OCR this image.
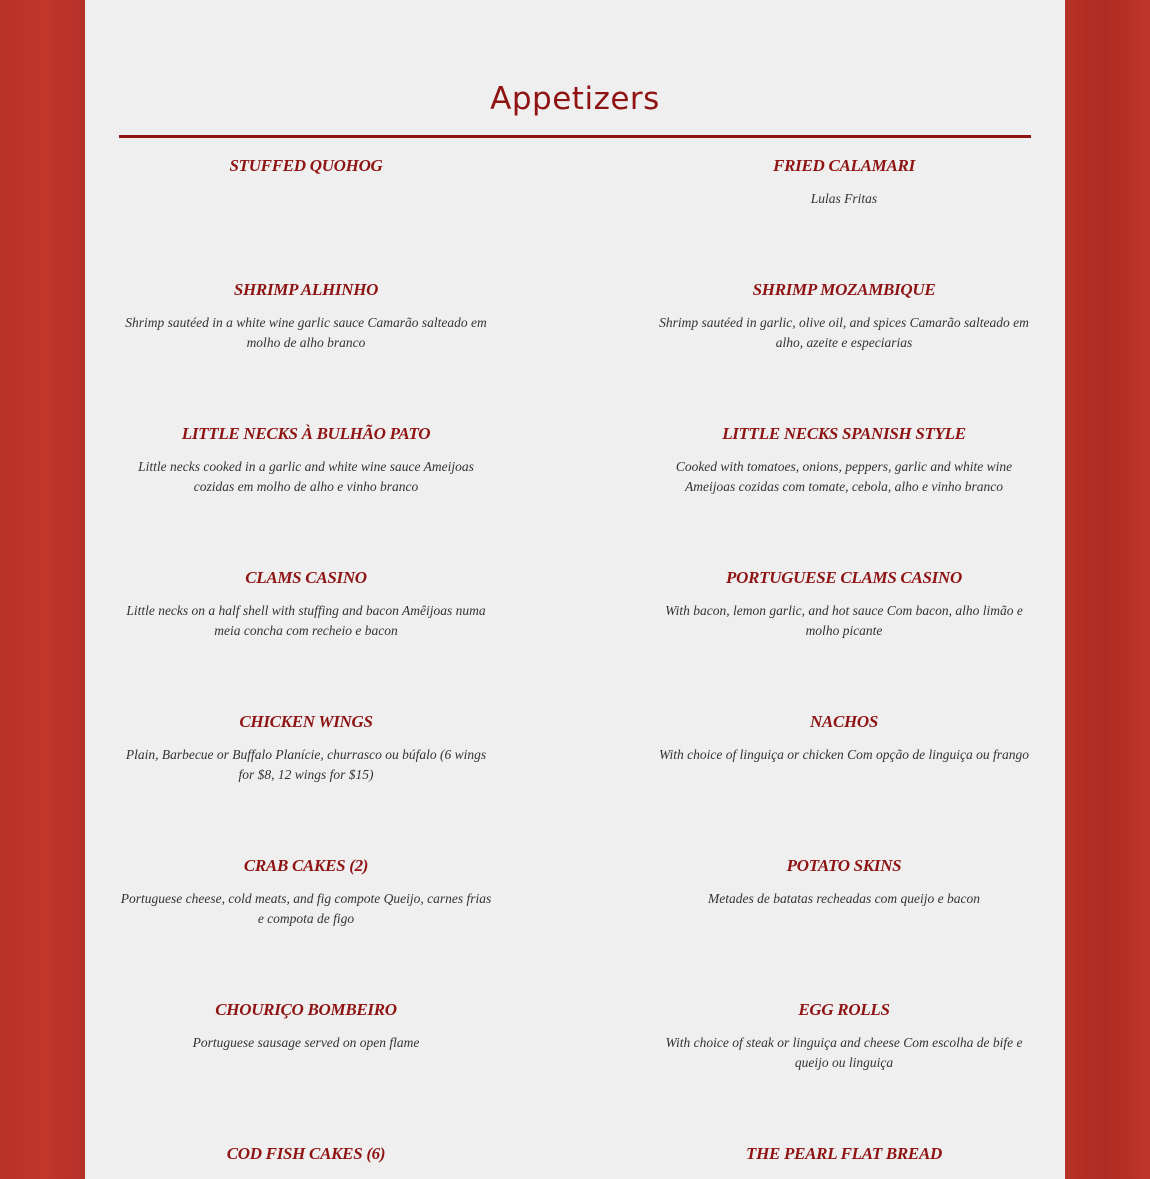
Appetizers
STUFFED QUOHOG	FRIED CALAMARI
Lulas Fritas
SHRIMP ALHINHO
Shrimp sautéed in a white wine garlic sauce Camarão salteado em molho de alho branco
SHRIMP MOZAMBIQUE
Shrimp sautéed in garlic, olive oil, and spices Camarão salteado em alho, azeite e especiarias
LITTLE NECKS À BULHÃO PATO
Little necks cooked in a garlic and white wine sauce Ameijoas cozidas em molho de alho e vinho branco
LITTLE NECKS SPANISH STYLE
Cooked with tomatoes, onions, peppers, garlic and white wine Ameijoas cozidas com tomate, cebola, alho e vinho branco
CLAMS CASINO
Little necks on a half shell with stuffing and bacon Amêijoas numa meia concha com recheio e bacon
PORTUGUESE CLAMS CASINO
With bacon, lemon garlic, and hot sauce Com bacon, alho limão e molho picante
CHICKEN WINGS
Plain, Barbecue or Buffalo Planície, churrasco ou búfalo (6 wings for $8, 12 wings for $15)
NACHOS
With choice of linguiça or chicken Com opção de linguiça ou frango
CRAB CAKES (2)
Portuguese cheese, cold meats, and fig compote Queijo, carnes frias e compota de figo
POTATO SKINS
Metades de batatas recheadas com queijo e bacon
CHOURIÇO BOMBEIRO
Portuguese sausage served on open flame
EGG ROLLS
With choice of steak or linguiça and cheese Com escolha de bife e queijo ou linguiça
COD FISH CAKES (6)	THE PEARL FLAT BREAD
